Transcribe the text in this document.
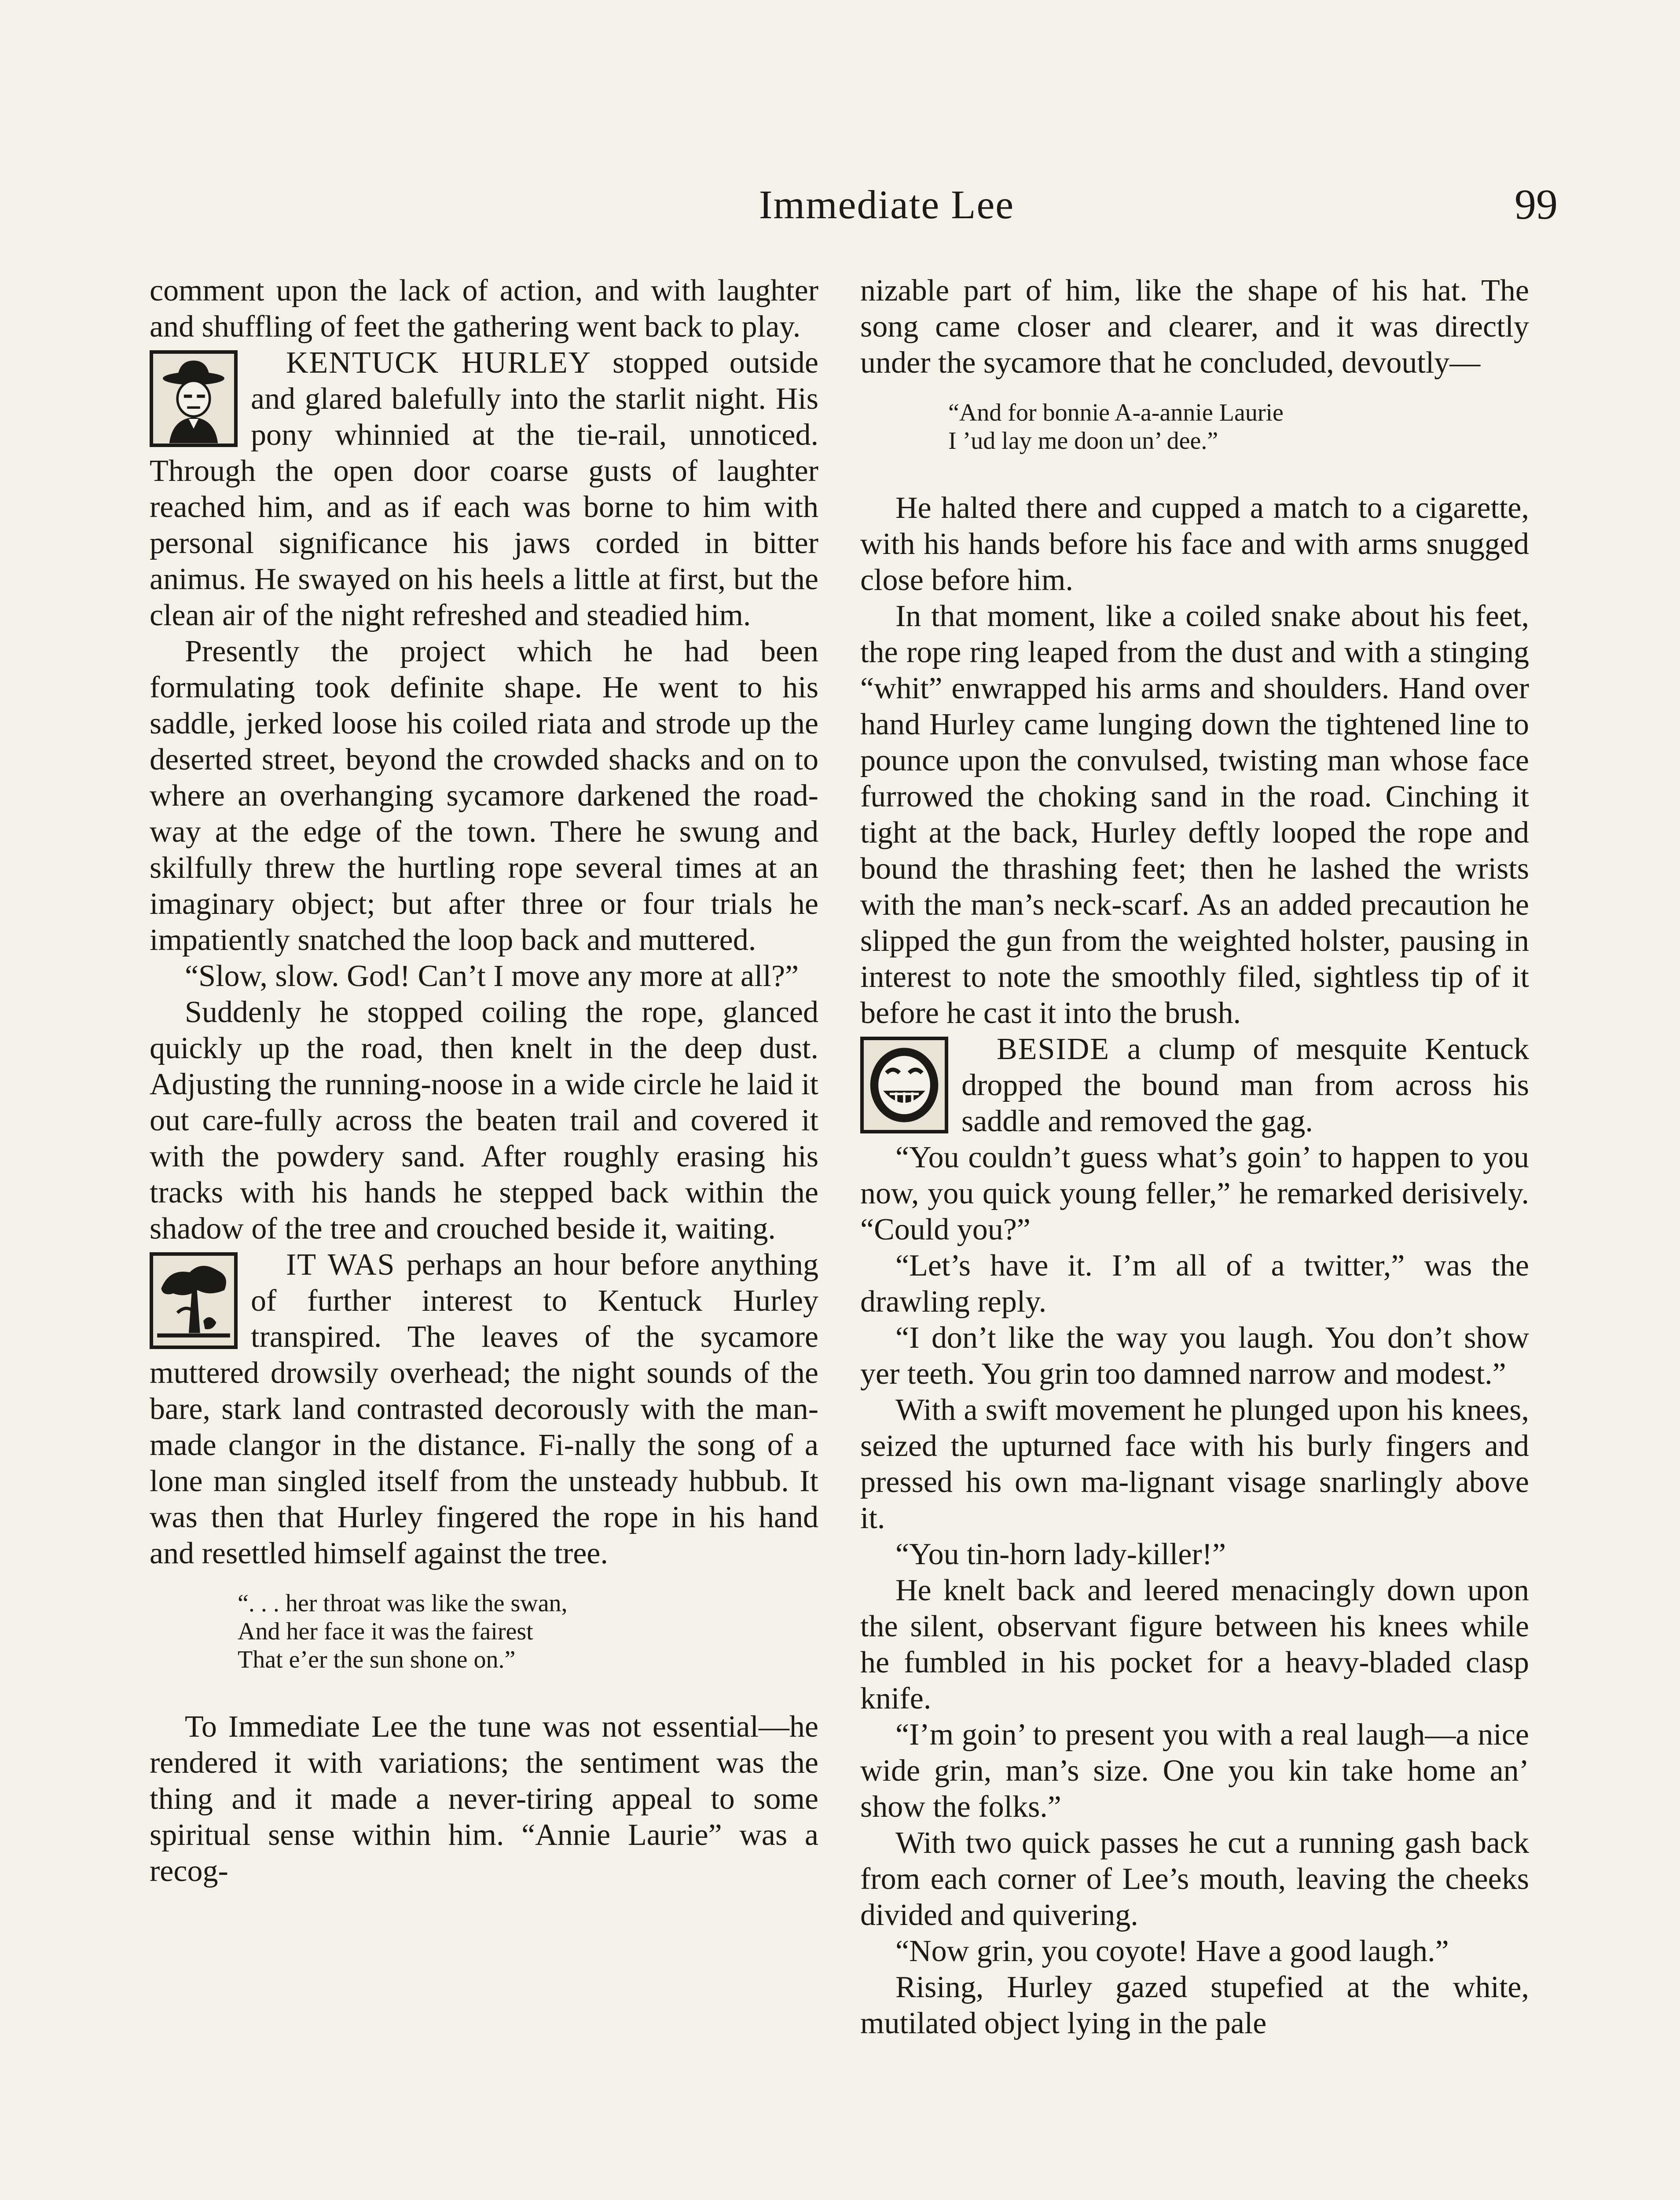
Immediate Lee	99

comment upon the lack of action, and with laughter and shuffling of feet the gathering went back to play.

KENTUCK HURLEY stopped outside and glared balefully into the starlit night. His pony whinnied at the tie-rail, unnoticed. Through the open door coarse gusts of laughter reached him, and as if each was borne to him with personal significance his jaws corded in bitter animus. He swayed on his heels a little at first, but the clean air of the night refreshed and steadied him.

Presently the project which he had been formulating took definite shape. He went to his saddle, jerked loose his coiled riata and strode up the deserted street, beyond the crowded shacks and on to where an overhanging sycamore darkened the road-way at the edge of the town. There he swung and skilfully threw the hurtling rope several times at an imaginary object; but after three or four trials he impatiently snatched the loop back and muttered.

“Slow, slow. God! Can’t I move any more at all?”

Suddenly he stopped coiling the rope, glanced quickly up the road, then knelt in the deep dust. Adjusting the running-noose in a wide circle he laid it out care-fully across the beaten trail and covered it with the powdery sand. After roughly erasing his tracks with his hands he stepped back within the shadow of the tree and crouched beside it, waiting.

IT WAS perhaps an hour before anything of further interest to Kentuck Hurley transpired. The leaves of the sycamore muttered drowsily overhead; the night sounds of the bare, stark land contrasted decorously with the man-made clangor in the distance. Fi-nally the song of a lone man singled itself from the unsteady hubbub. It was then that Hurley fingered the rope in his hand and resettled himself against the tree.

“. . . her throat was like the swan,
And her face it was the fairest
That e’er the sun shone on.”

To Immediate Lee the tune was not essential—he rendered it with variations; the sentiment was the thing and it made a never-tiring appeal to some spiritual sense within him. “Annie Laurie” was a recog-

nizable part of him, like the shape of his hat. The song came closer and clearer, and it was directly under the sycamore that he concluded, devoutly—

“And for bonnie A-a-annie Laurie
I ’ud lay me doon un’ dee.”

He halted there and cupped a match to a cigarette, with his hands before his face and with arms snugged close before him.

In that moment, like a coiled snake about his feet, the rope ring leaped from the dust and with a stinging “whit” enwrapped his arms and shoulders. Hand over hand Hurley came lunging down the tightened line to pounce upon the convulsed, twisting man whose face furrowed the choking sand in the road. Cinching it tight at the back, Hurley deftly looped the rope and bound the thrashing feet; then he lashed the wrists with the man’s neck-scarf. As an added precaution he slipped the gun from the weighted holster, pausing in interest to note the smoothly filed, sightless tip of it before he cast it into the brush.

BESIDE a clump of mesquite Kentuck dropped the bound man from across his saddle and removed the gag.

“You couldn’t guess what’s goin’ to happen to you now, you quick young feller,” he remarked derisively. “Could you?”

“Let’s have it. I’m all of a twitter,” was the drawling reply.

“I don’t like the way you laugh. You don’t show yer teeth. You grin too damned narrow and modest.”

With a swift movement he plunged upon his knees, seized the upturned face with his burly fingers and pressed his own ma-lignant visage snarlingly above it.

“You tin-horn lady-killer!”

He knelt back and leered menacingly down upon the silent, observant figure between his knees while he fumbled in his pocket for a heavy-bladed clasp knife.

“I’m goin’ to present you with a real laugh—a nice wide grin, man’s size. One you kin take home an’ show the folks.”

With two quick passes he cut a running gash back from each corner of Lee’s mouth, leaving the cheeks divided and quivering.

“Now grin, you coyote! Have a good laugh.”

Rising, Hurley gazed stupefied at the white, mutilated object lying in the pale
